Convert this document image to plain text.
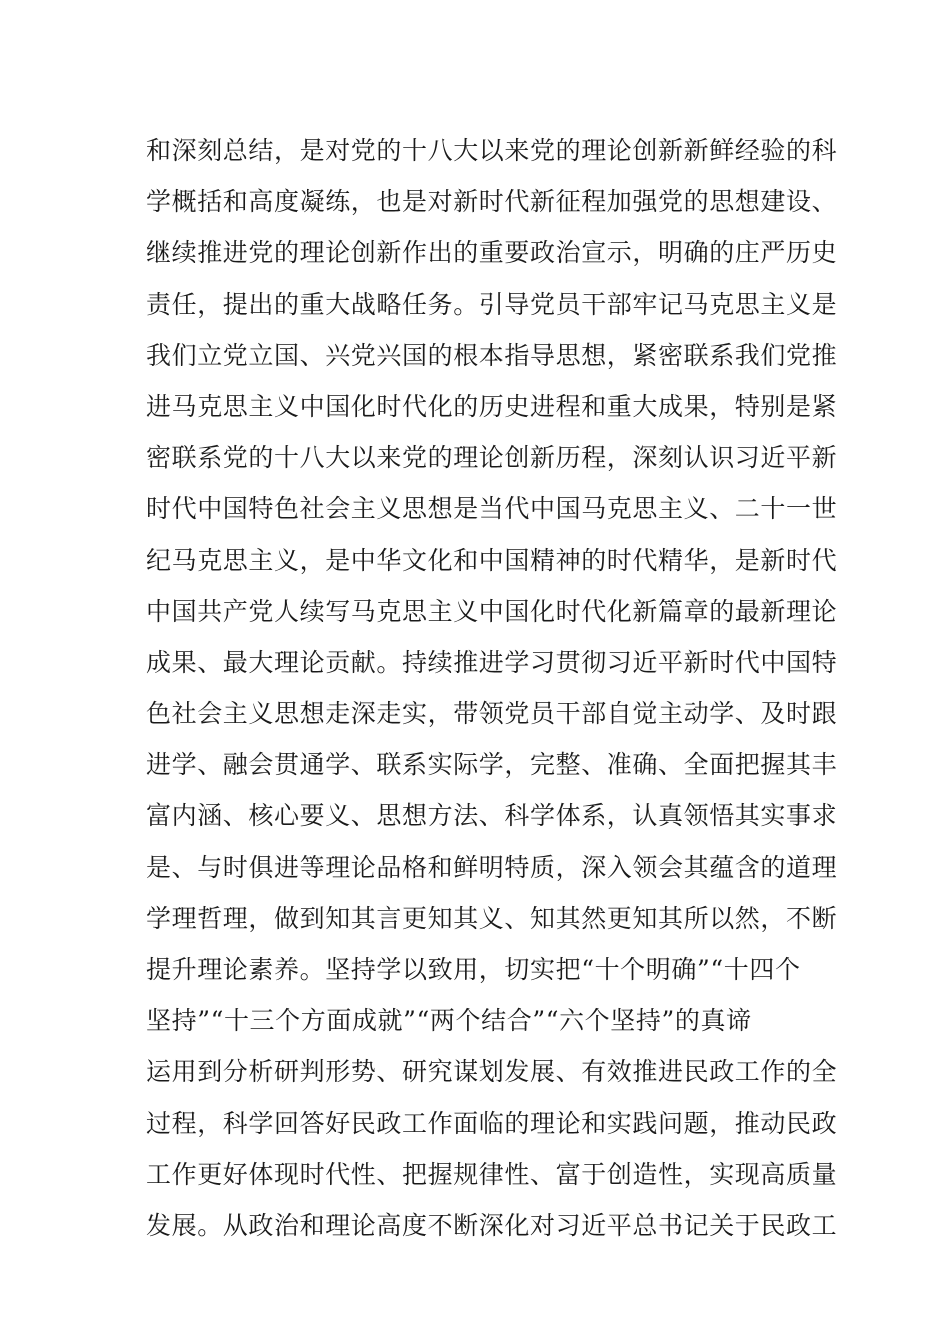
和深刻总结，是对党的十八大以来党的理论创新新鲜经验的科
学概括和高度凝练，也是对新时代新征程加强党的思想建设、
继续推进党的理论创新作出的重要政治宣示，明确的庄严历史
责任，提出的重大战略任务。引导党员干部牢记马克思主义是
我们立党立国、兴党兴国的根本指导思想，紧密联系我们党推
进马克思主义中国化时代化的历史进程和重大成果，特别是紧
密联系党的十八大以来党的理论创新历程，深刻认识习近平新
时代中国特色社会主义思想是当代中国马克思主义、二十一世
纪马克思主义，是中华文化和中国精神的时代精华，是新时代
中国共产党人续写马克思主义中国化时代化新篇章的最新理论
成果、最大理论贡献。持续推进学习贯彻习近平新时代中国特
色社会主义思想走深走实，带领党员干部自觉主动学、及时跟
进学、融会贯通学、联系实际学，完整、准确、全面把握其丰
富内涵、核心要义、思想方法、科学体系，认真领悟其实事求
是、与时俱进等理论品格和鲜明特质，深入领会其蕴含的道理
学理哲理，做到知其言更知其义、知其然更知其所以然，不断
提升理论素养。坚持学以致用，切实把“十个明确”“十四个
坚持”“十三个方面成就”“两个结合”“六个坚持”的真谛
运用到分析研判形势、研究谋划发展、有效推进民政工作的全
过程，科学回答好民政工作面临的理论和实践问题，推动民政
工作更好体现时代性、把握规律性、富于创造性，实现高质量
发展。从政治和理论高度不断深化对习近平总书记关于民政工
